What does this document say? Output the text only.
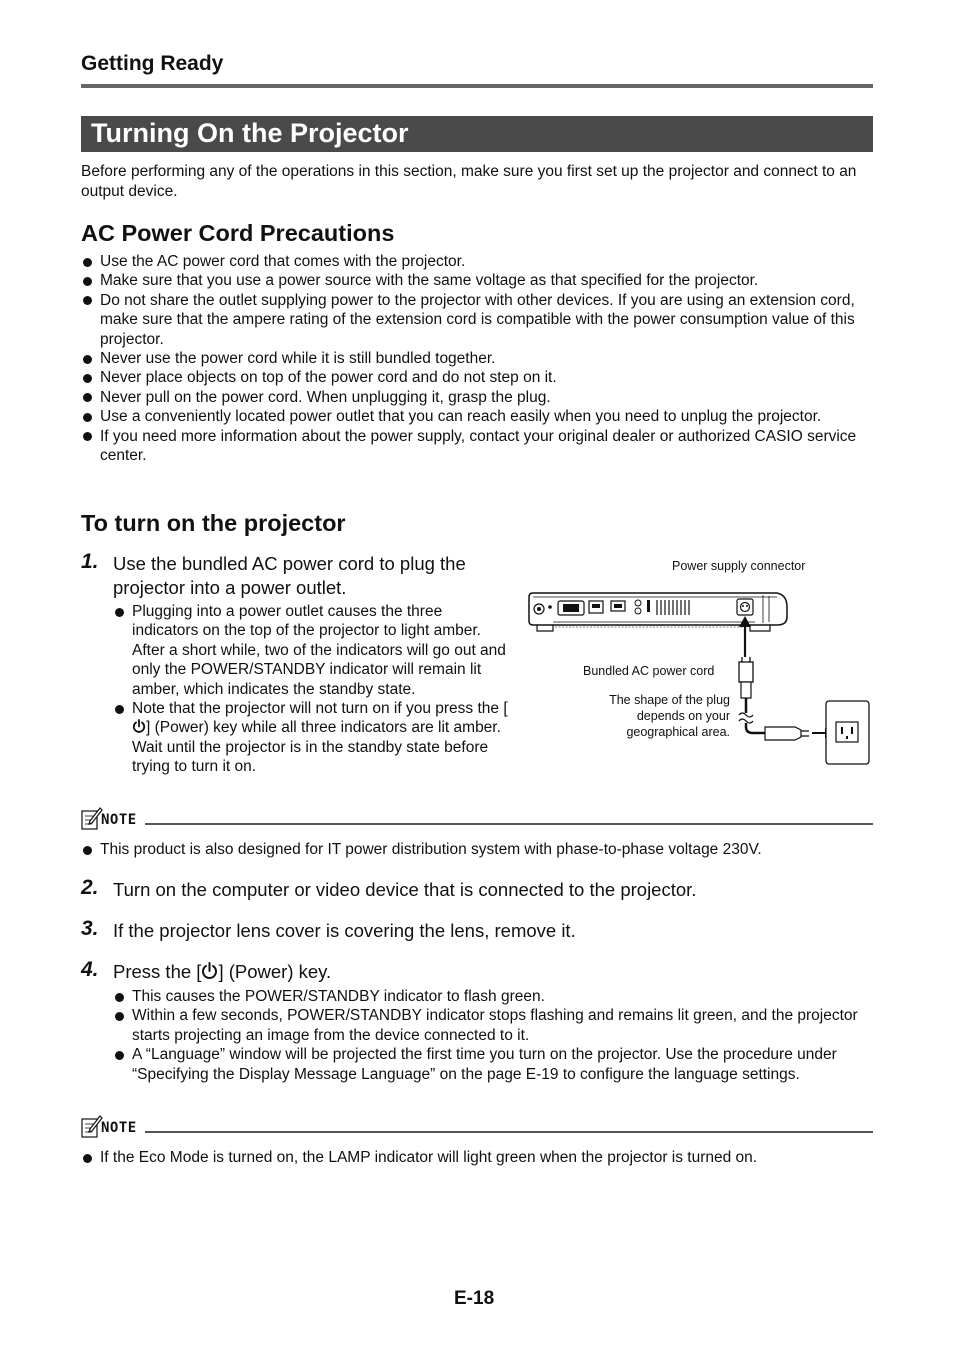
Getting Ready
Turning On the Projector
Before performing any of the operations in this section, make sure you first set up the projector and connect to an output device.
AC Power Cord Precautions
Use the AC power cord that comes with the projector.
Make sure that you use a power source with the same voltage as that specified for the projector.
Do not share the outlet supplying power to the projector with other devices. If you are using an extension cord, make sure that the ampere rating of the extension cord is compatible with the power consumption value of this projector.
Never use the power cord while it is still bundled together.
Never place objects on top of the power cord and do not step on it.
Never pull on the power cord. When unplugging it, grasp the plug.
Use a conveniently located power outlet that you can reach easily when you need to unplug the projector.
If you need more information about the power supply, contact your original dealer or authorized CASIO service center.
To turn on the projector
1. Use the bundled AC power cord to plug the projector into a power outlet.
Plugging into a power outlet causes the three indicators on the top of the projector to light amber. After a short while, two of the indicators will go out and only the POWER/STANDBY indicator will remain lit amber, which indicates the standby state.
Note that the projector will not turn on if you press the [] (Power) key while all three indicators are lit amber. Wait until the projector is in the standby state before trying to turn it on.
Power supply connector
Bundled AC power cord
The shape of the plug depends on your geographical area.
NOTE
This product is also designed for IT power distribution system with phase-to-phase voltage 230V.
2. Turn on the computer or video device that is connected to the projector.
3. If the projector lens cover is covering the lens, remove it.
4. Press the [ ] (Power) key.
This causes the POWER/STANDBY indicator to flash green.
Within a few seconds, POWER/STANDBY indicator stops flashing and remains lit green, and the projector starts projecting an image from the device connected to it.
A “Language” window will be projected the first time you turn on the projector. Use the procedure under “Specifying the Display Message Language” on the page E-19 to configure the language settings.
NOTE
If the Eco Mode is turned on, the LAMP indicator will light green when the projector is turned on.
E-18
